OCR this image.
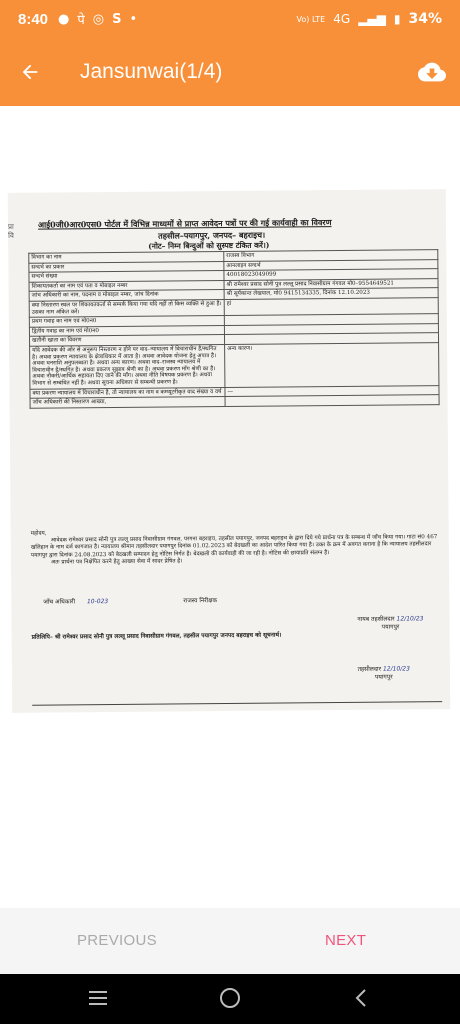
8:40 ● पे ◎ S •	Vo) LTE 4G ▂▄▆ ▮ 34%
Jansunwai(1/4)
प्रा
वि
आई0जी0आर0एस0 पोर्टल में विभिन्न माध्यमों से प्राप्त आवेदन पत्रों पर की गई कार्यवाही का विवरण
तहसील–पयागपुर, जनपद– बहराइच।
(नोट– निम्न बिन्दुओं को सुस्पष्ट टंकित करें।)
विभाग का नाम	राजस्व विभाग
सन्दर्भ का प्रकार	आनलाइन सन्दर्भ
सन्दर्भ संख्या	40018023049099
शिकायतकर्ता का नाम एवं पता व मोबाइल नम्बर	श्री रामेश्वर प्रसाद सोनी पुत्र लल्लू प्रसाद निवासीग्राम गंगवल मो0–9554649521
जांच अधिकारी का नाम, पदनाम व मोबाइल नम्बर, जांच दिनांक	श्री सूर्यकान्त लेखपाल, मो0 9415134335, दिनांक 12.10.2023
क्या निस्तारण स्थल पर शिकायतकर्ता से सम्पर्क किया गया यदि नहीं तो किस व्यक्ति से हुआ है। उसका नाम अंकित करें।	हां
प्रथम गवाह का नाम एवं मो0न0	
द्वितीय गवाह का नाम एवं मो0न0	
खतौनी खाता का विवरण	
यदि आवेदक की ओर से अनुरूप निस्तारण न होने पर वाद–न्यायालय में विचाराधीन है/स्थगित है। अथवा प्रकरण न्यायालय के क्षेत्राधिकार में आता है। अथवा आवेदक योजना हेतु अपात्र है। अथवा धनराशि अनुपलब्धता है। अथवा अन्य कारण। अथवा वाद–राजस्व न्यायालय में विचाराधीन है/स्थगित है। अथवा प्रकरण सुझाव श्रेणी का है। अथवा प्रकरण माँग श्रेणी का है। अथवा नौकरी/आर्थिक सहायता दिए जाने की माँग। अथवा नीति विषयक प्रकरण है। अथवा विभाग से सम्बंधित नहीं है। अथवा सूचना अधिकार से सम्बन्धी प्रकरण है।	अन्य कारण।
क्या प्रकरण न्यायालय में विचाराधीन है, तो न्यायालय का नाम व कम्प्यूटरीकृत वाद संख्या व वर्ष	—
जाँच अधिकारी की निस्तारण आख्या,	
महोदय,
आवेदक रामेश्वर प्रसाद सोनी पुत्र लल्लू प्रसाद निवासीग्राम गंगवल, परगना बहराइच, तहसील पयागपुर, जनपद बहराइच के द्वारा दिये गये प्रार्थना पत्र के सम्बन्ध में जाँच किया गया। गाटा सं0 467 खलिहान के नाम दर्ज कागजात है। न्यायालय श्रीमान तहसीलदार पयागपुर दिनांक 01.02.2023 को बेदखली का आदेश पारित किया गया है। उक्त के क्रम में अवगत कराना है कि न्यायालय तहसीलदार पयागपुर द्वारा दिनांक 24.08.2023 को बेदखली सम्पादन हेतु नोटिस निर्गत है। बेदखली की कार्यवाही की जा रही है। नोटिस की छायाप्रति संलग्न है।
अतः प्रार्थना पत्र निक्षेपित करने हेतु आख्या सेवा में सादर प्रेषित है।
जाँच अधिकारी 10-023	राजस्व निरीक्षक
नायब तहसीलदार 12/10/23
पयागपुर
प्रतिलिपि– श्री रामेश्वर प्रसाद सोनी पुत्र लल्लू प्रसाद निवासीग्राम गंगवल, तहसील पयागपुर जनपद बहराइच को सूचनार्थ।
तहसीलदार 12/10/23
पयागपुर
PREVIOUS	NEXT
